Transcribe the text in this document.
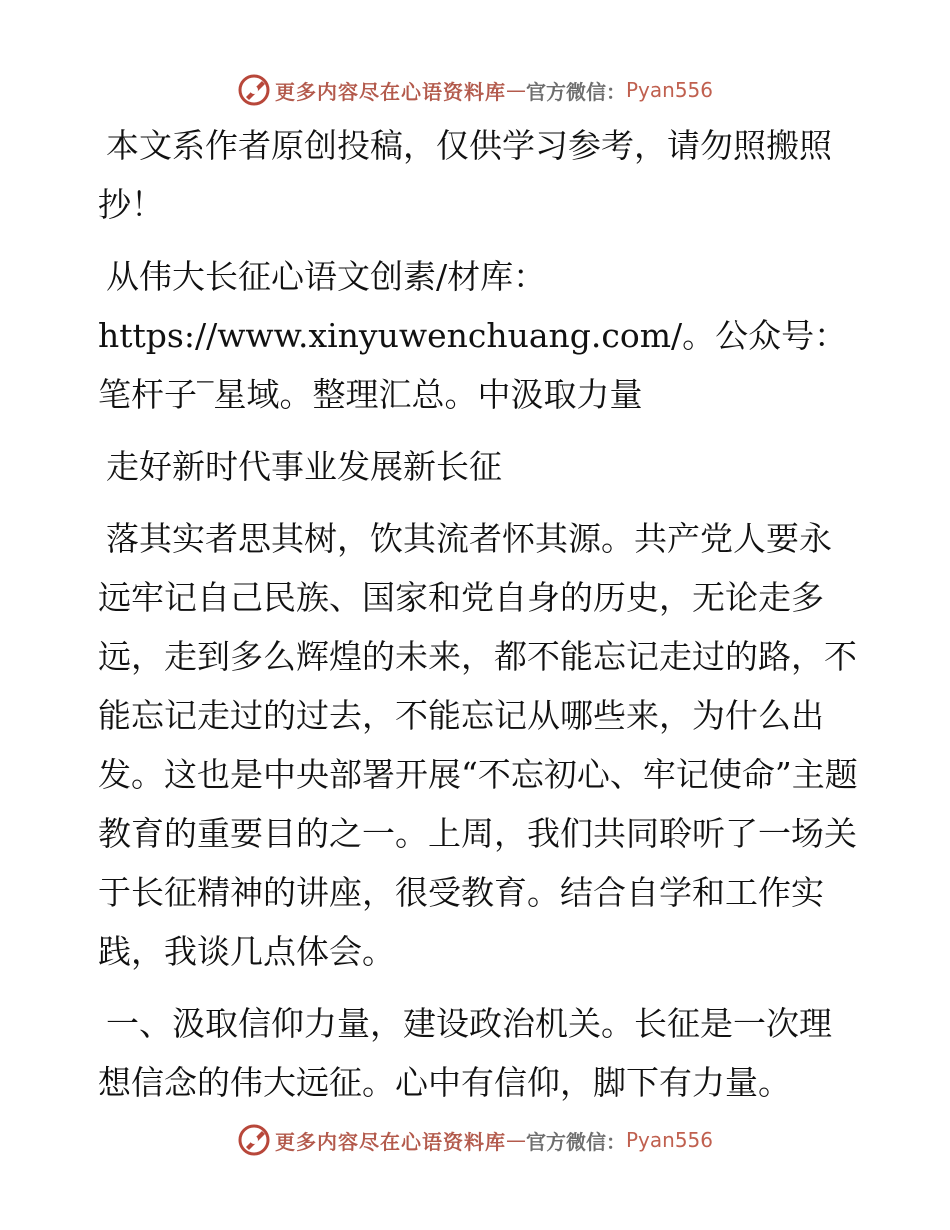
更多内容尽在心语资料库 — 官方微信： Pyan556

本文系作者原创投稿，仅供学习参考，请勿照搬照抄！

从伟大长征心语文创素/材库：https://www.xinyuwenchuang.com/。公众号：笔杆子‾星域。整理汇总。中汲取力量

走好新时代事业发展新长征

落其实者思其树，饮其流者怀其源。共产党人要永远牢记自己民族、国家和党自身的历史，无论走多远，走到多么辉煌的未来，都不能忘记走过的路，不能忘记走过的过去，不能忘记从哪些来，为什么出发。这也是中央部署开展“不忘初心、牢记使命”主题教育的重要目的之一。上周，我们共同聆听了一场关于长征精神的讲座，很受教育。结合自学和工作实践，我谈几点体会。

一、汲取信仰力量，建设政治机关。长征是一次理想信念的伟大远征。心中有信仰，脚下有力量。

更多内容尽在心语资料库 — 官方微信： Pyan556
